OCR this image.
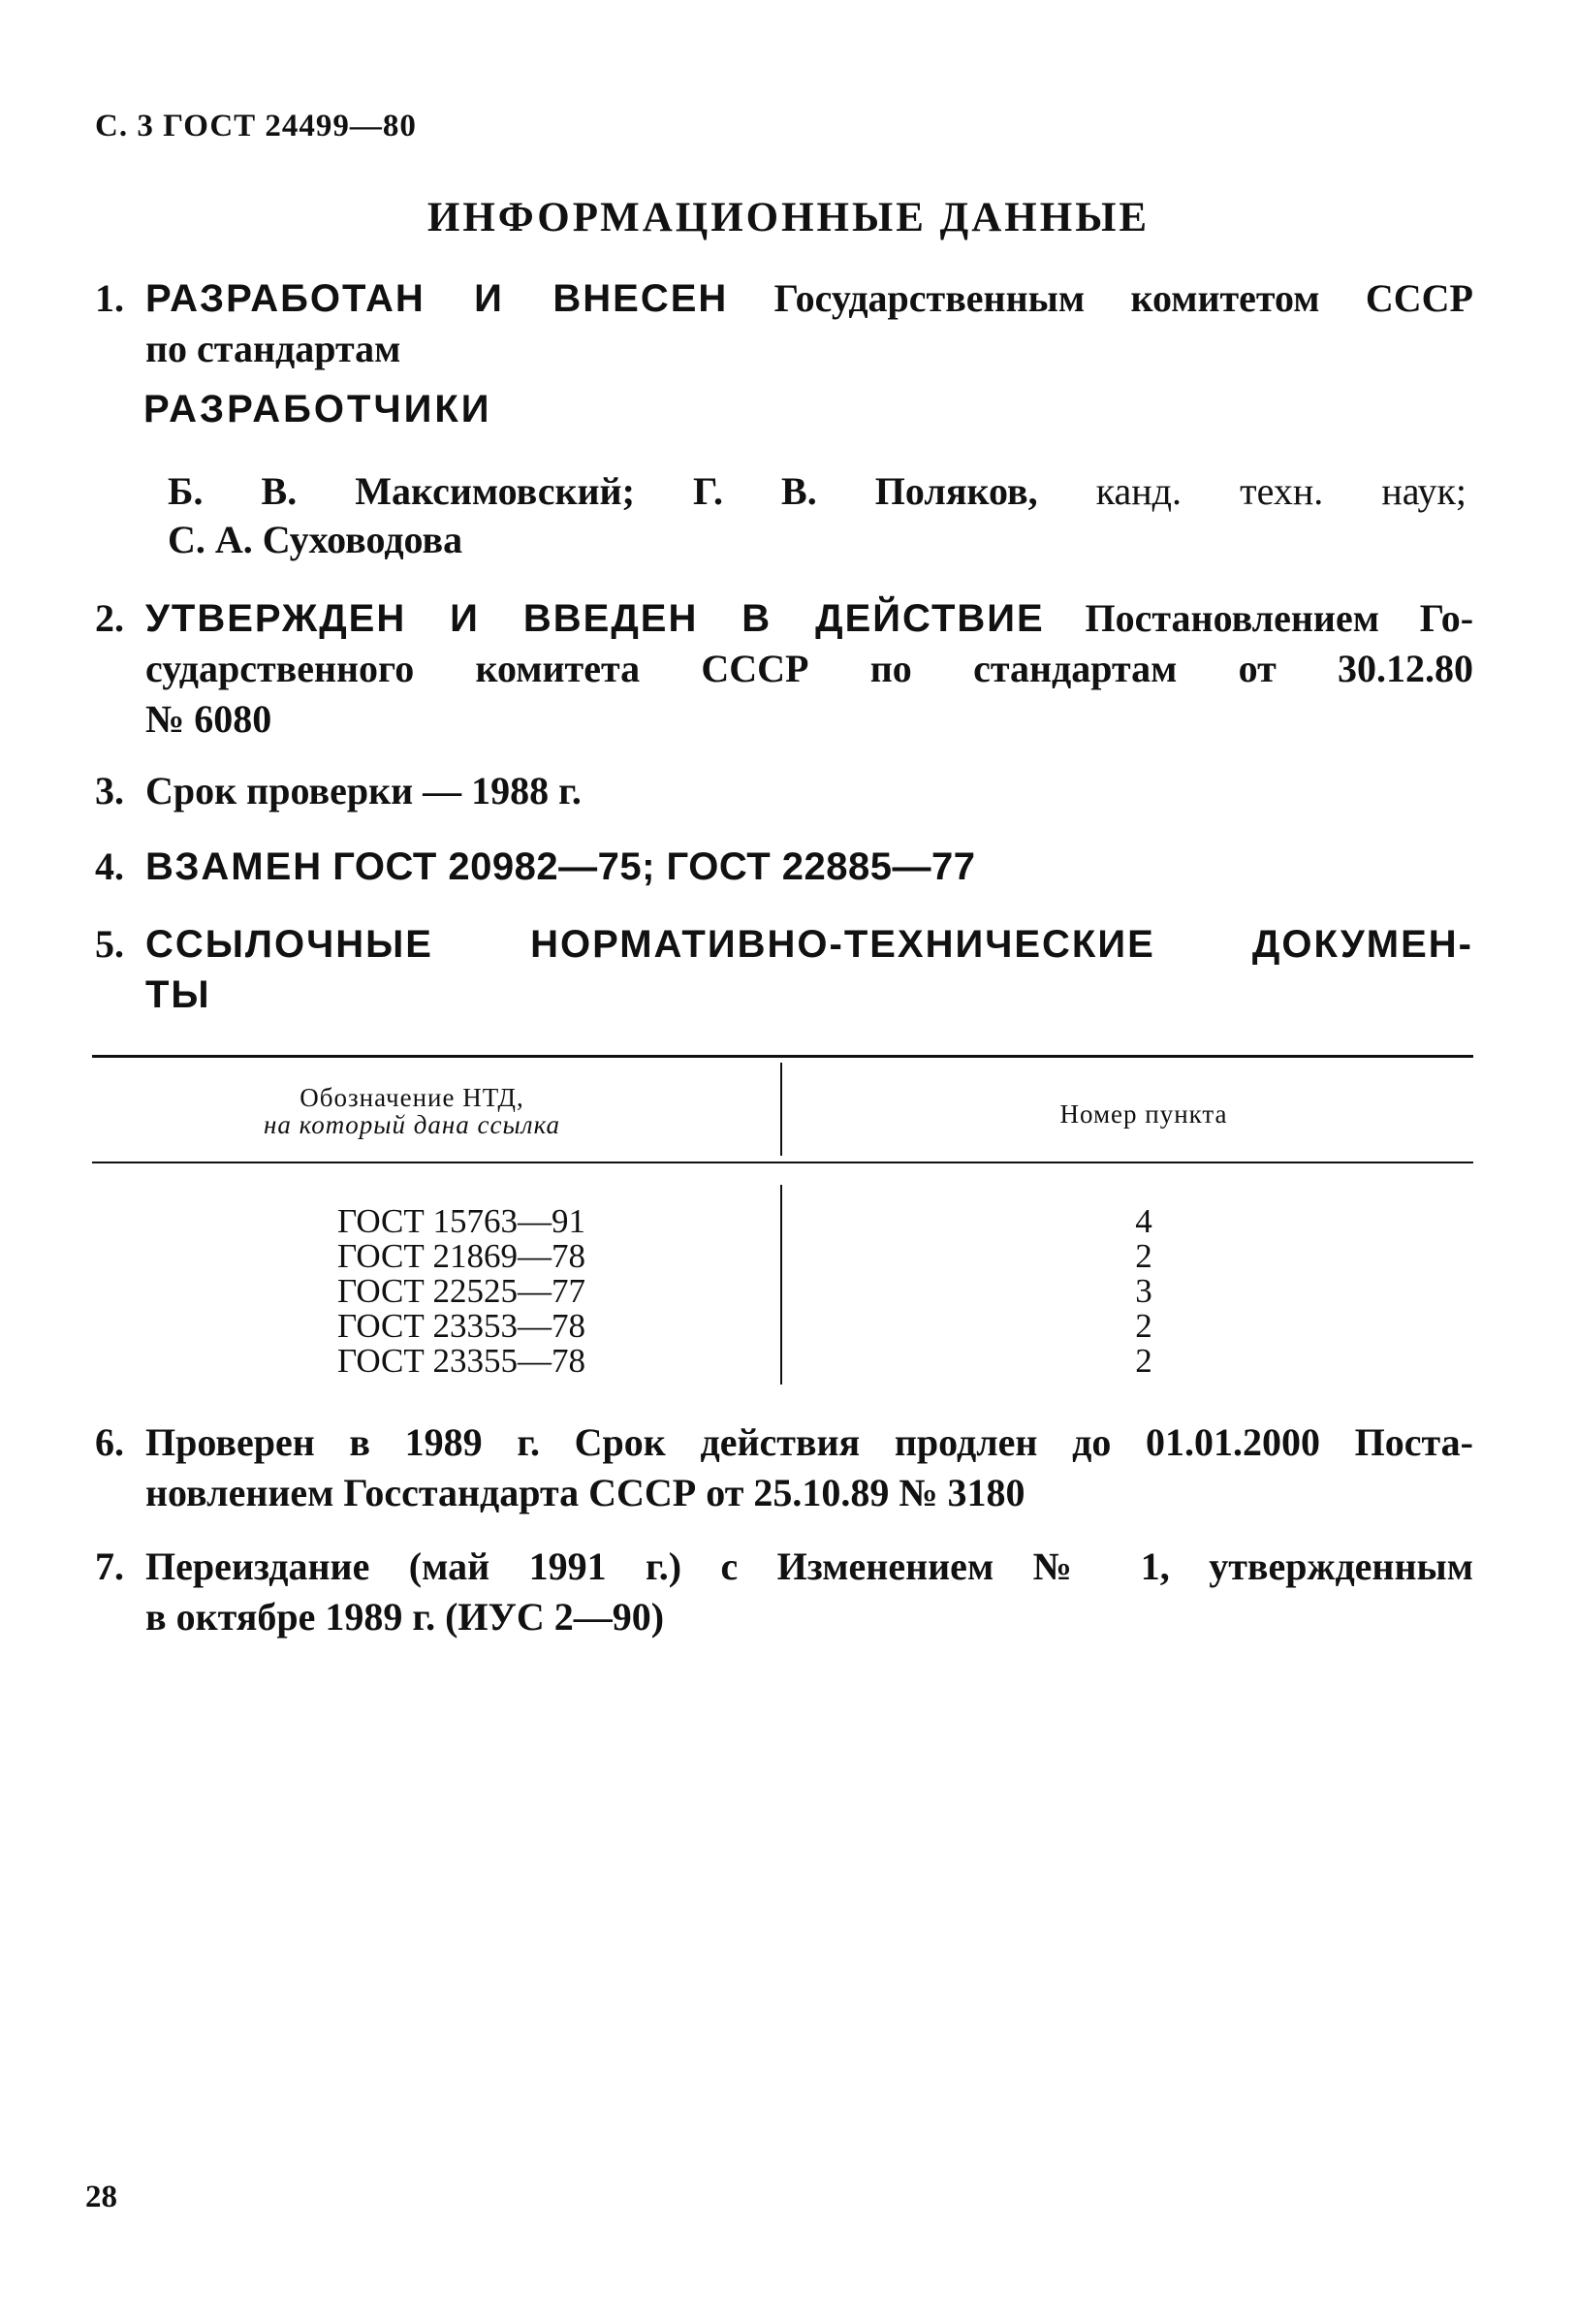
С. 3 ГОСТ 24499—80
ИНФОРМАЦИОННЫЕ ДАННЫЕ
1. РАЗРАБОТАН И ВНЕСЕН Государственным комитетом СССР
по стандартам
РАЗРАБОТЧИКИ
Б. В. Максимовский; Г. В. Поляков, канд. техн. наук;
С. А. Суховодова
2. УТВЕРЖДЕН И ВВЕДЕН В ДЕЙСТВИЕ Постановлением Го-
сударственного комитета СССР по стандартам от 30.12.80
№ 6080
3. Срок проверки — 1988 г.
4. ВЗАМЕН ГОСТ 20982—75; ГОСТ 22885—77
5. ССЫЛОЧНЫЕ	НОРМАТИВНО-ТЕХНИЧЕСКИЕ ДОКУМЕН-
ТЫ
Обозначение НТД,
на который дана ссылка	Номер пункта
ГОСТ 15763—91
ГОСТ 21869—78
ГОСТ 22525—77
ГОСТ 23353—78
ГОСТ 23355—78
4
2
3
2
2
6. Проверен в 1989 г. Срок действия продлен до 01.01.2000 Поста-
новлением Госстандарта СССР от 25.10.89 № 3180
7. Переиздание (май 1991 г.) с Изменением № 1, утвержденным
в октябре 1989 г. (ИУС 2—90)
28
